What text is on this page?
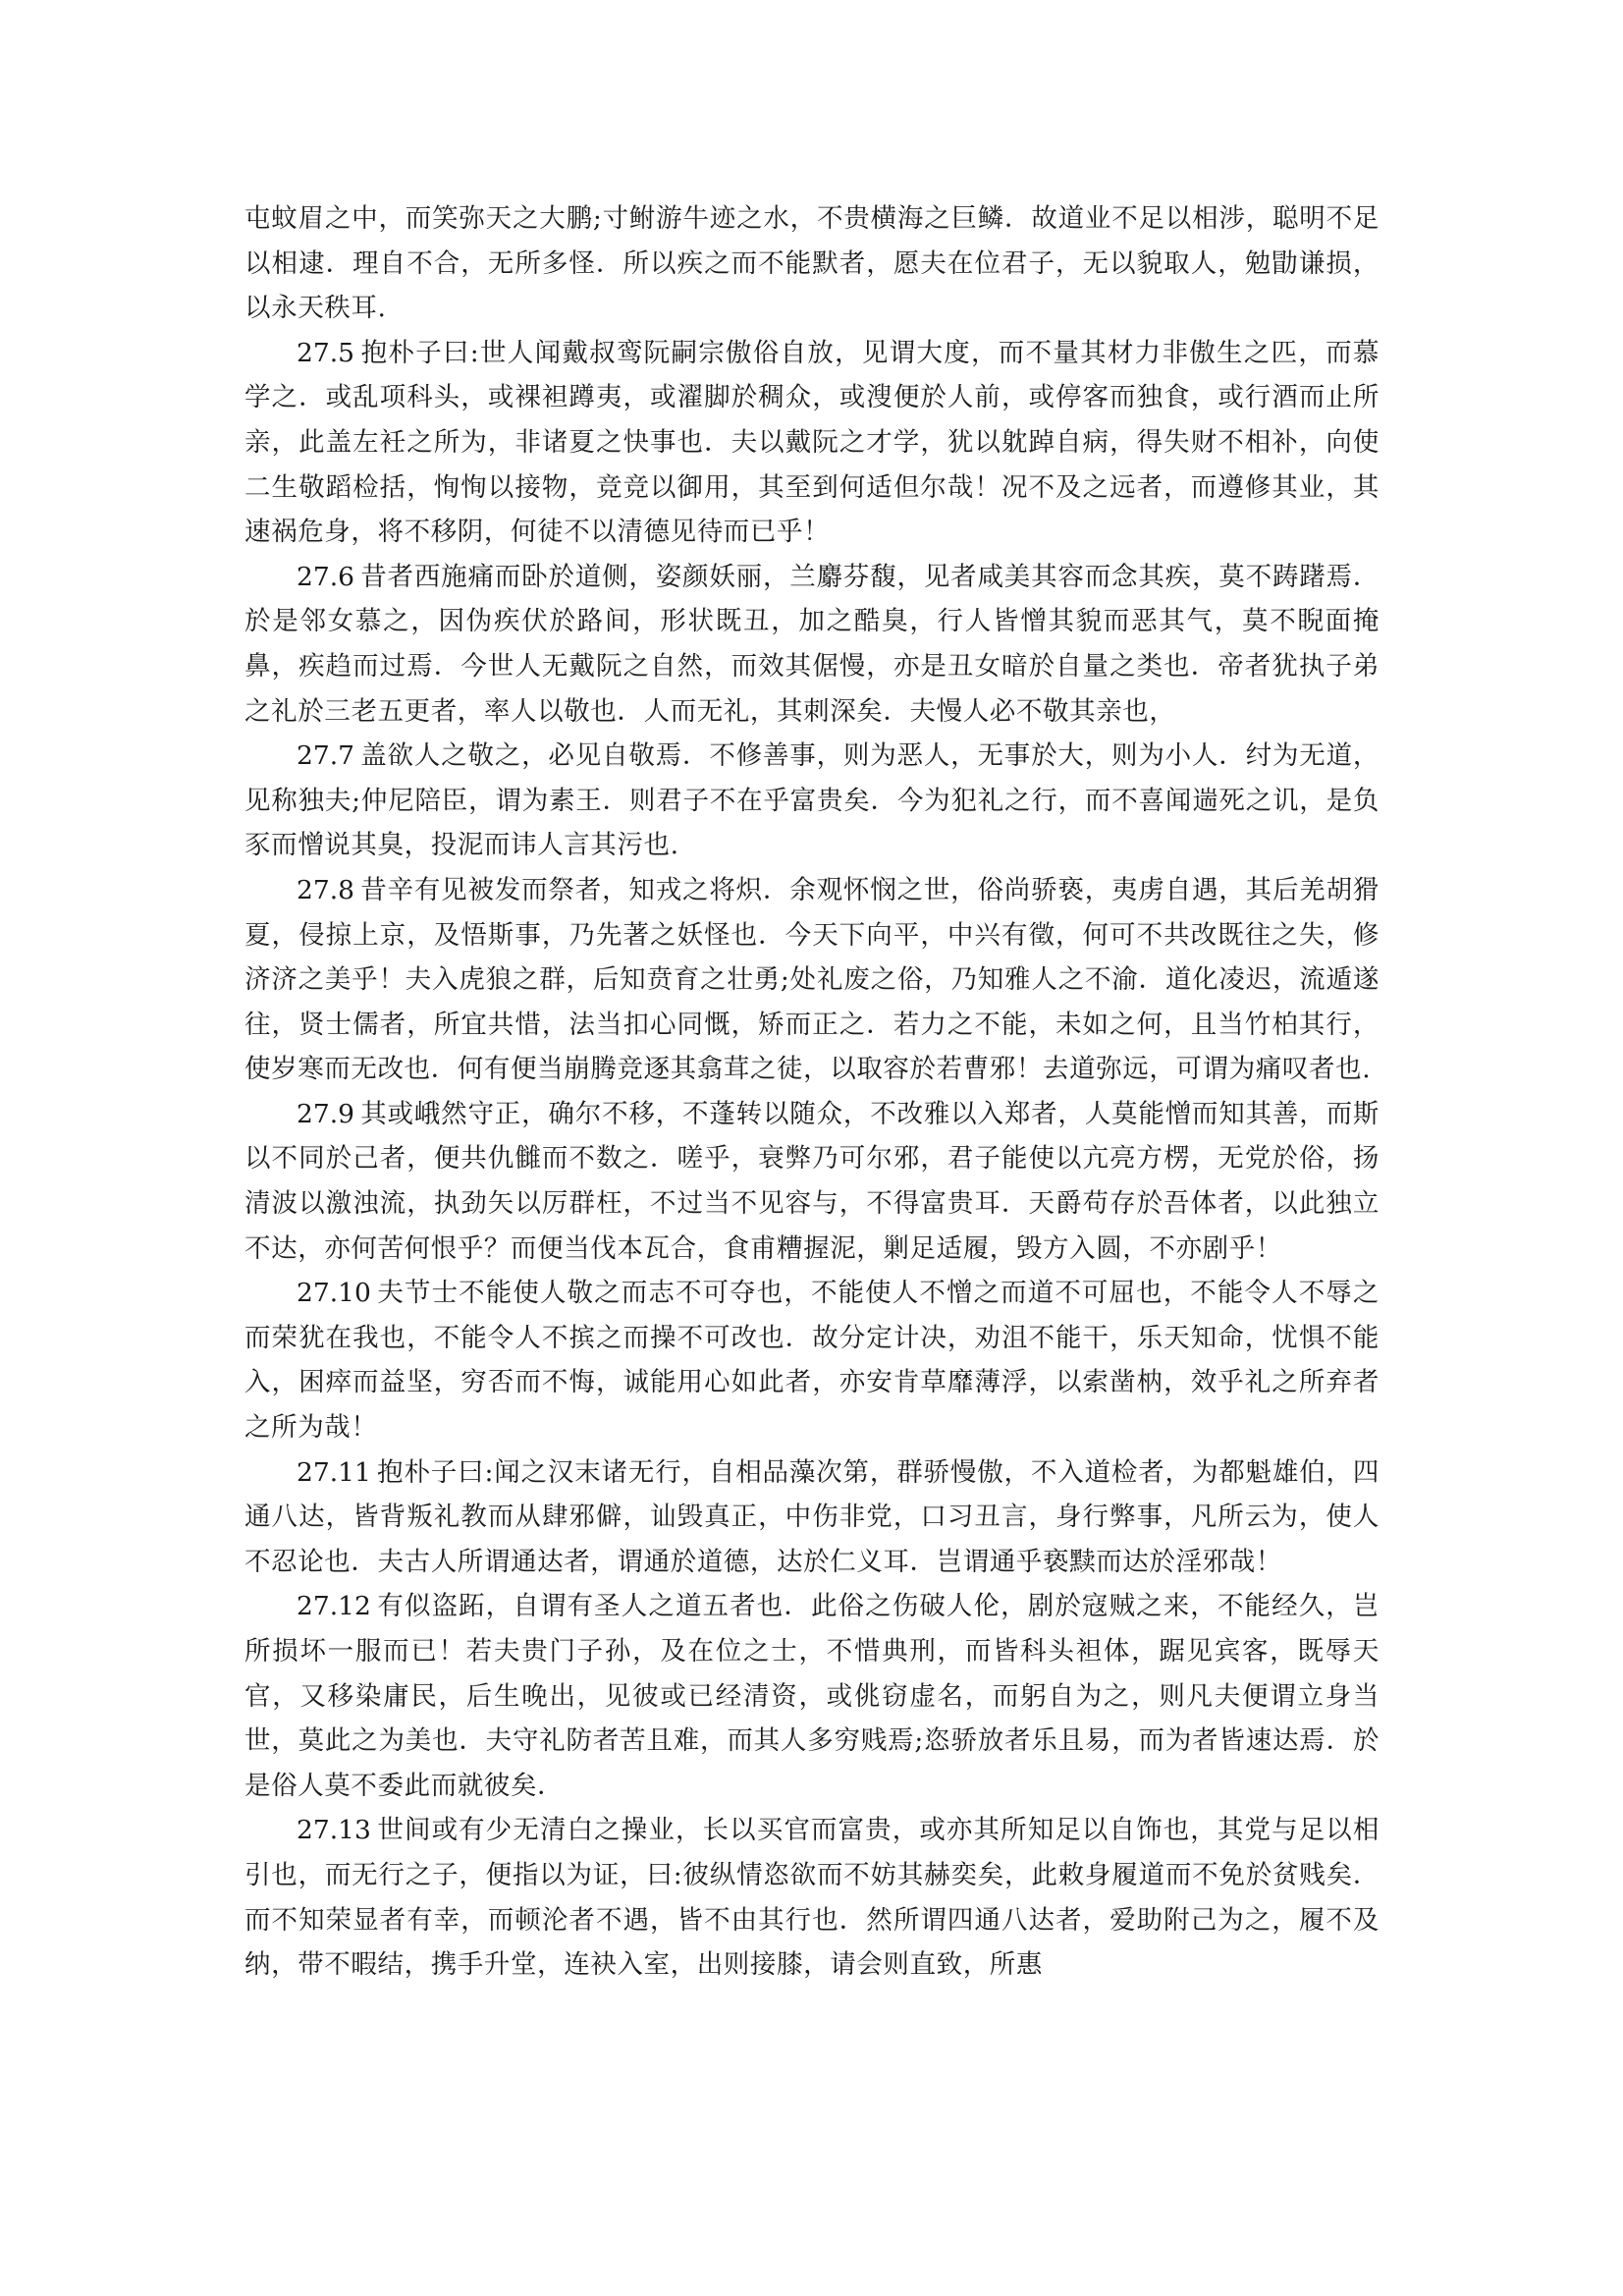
屯蚊眉之中，而笑弥天之大鹏;寸鲋游牛迹之水，不贵横海之巨鳞．故道业不足以相涉，聪明不足以相逮．理自不合，无所多怪．所以疾之而不能默者，愿夫在位君子，无以貌取人，勉勖谦损，以永天秩耳.

27.5 抱朴子曰:世人闻戴叔鸾阮嗣宗傲俗自放，见谓大度，而不量其材力非傲生之匹，而慕学之．或乱项科头，或裸袒蹲夷，或濯脚於稠众，或溲便於人前，或停客而独食，或行酒而止所亲，此盖左衽之所为，非诸夏之快事也．夫以戴阮之才学，犹以躭踔自病，得失财不相补，向使二生敬蹈检括，恂恂以接物，竞竞以御用，其至到何适但尔哉！况不及之远者，而遵修其业，其速祸危身，将不移阴，何徒不以清德见待而已乎！

27.6 昔者西施痛而卧於道侧，姿颜妖丽，兰麝芬馥，见者咸美其容而念其疾，莫不踌躇焉．於是邻女慕之，因伪疾伏於路间，形状既丑，加之酷臭，行人皆憎其貌而恶其气，莫不睨面掩鼻，疾趋而过焉．今世人无戴阮之自然，而效其倨慢，亦是丑女暗於自量之类也．帝者犹执子弟之礼於三老五更者，率人以敬也．人而无礼，其刺深矣．夫慢人必不敬其亲也，

27.7 盖欲人之敬之，必见自敬焉．不修善事，则为恶人，无事於大，则为小人．纣为无道，见称独夫;仲尼陪臣，谓为素王．则君子不在乎富贵矣．今为犯礼之行，而不喜闻遄死之讥，是负豕而憎说其臭，投泥而讳人言其污也.

27.8 昔辛有见被发而祭者，知戎之将炽．余观怀悯之世，俗尚骄亵，夷虏自遇，其后羌胡猾夏，侵掠上京，及悟斯事，乃先著之妖怪也．今天下向平，中兴有徵，何可不共改既往之失，修济济之美乎！夫入虎狼之群，后知贲育之壮勇;处礼废之俗，乃知雅人之不渝．道化凌迟，流遁遂往，贤士儒者，所宜共惜，法当扣心同慨，矫而正之．若力之不能，未如之何，且当竹柏其行，使岁寒而无改也．何有便当崩腾竞逐其翕茸之徒，以取容於若曹邪！去道弥远，可谓为痛叹者也.

27.9 其或峨然守正，确尔不移，不蓬转以随众，不改雅以入郑者，人莫能憎而知其善，而斯以不同於己者，便共仇雠而不数之．嗟乎，衰弊乃可尔邪，君子能使以亢亮方楞，无党於俗，扬清波以激浊流，执劲矢以厉群枉，不过当不见容与，不得富贵耳．天爵苟存於吾体者，以此独立不达，亦何苦何恨乎？而便当伐本瓦合，食甫糟握泥，剿足适履，毁方入圆，不亦剧乎！

27.10 夫节士不能使人敬之而志不可夺也，不能使人不憎之而道不可屈也，不能令人不辱之而荣犹在我也，不能令人不摈之而操不可改也．故分定计决，劝沮不能干，乐天知命，忧惧不能入，困瘁而益坚，穷否而不悔，诚能用心如此者，亦安肯草靡薄浮，以索凿枘，效乎礼之所弃者之所为哉！

27.11 抱朴子曰:闻之汉末诸无行，自相品藻次第，群骄慢傲，不入道检者，为都魁雄伯，四通八达，皆背叛礼教而从肆邪僻，讪毁真正，中伤非党，口习丑言，身行弊事，凡所云为，使人不忍论也．夫古人所谓通达者，谓通於道德，达於仁义耳．岂谓通乎亵黩而达於淫邪哉！

27.12 有似盗跖，自谓有圣人之道五者也．此俗之伤破人伦，剧於寇贼之来，不能经久，岂所损坏一服而已！若夫贵门子孙，及在位之士，不惜典刑，而皆科头袒体，踞见宾客，既辱天官，又移染庸民，后生晚出，见彼或已经清资，或佻窃虚名，而躬自为之，则凡夫便谓立身当世，莫此之为美也．夫守礼防者苦且难，而其人多穷贱焉;恣骄放者乐且易，而为者皆速达焉．於是俗人莫不委此而就彼矣．

27.13 世间或有少无清白之操业，长以买官而富贵，或亦其所知足以自饰也，其党与足以相引也，而无行之子，便指以为证，曰:彼纵情恣欲而不妨其赫奕矣，此敕身履道而不免於贫贱矣．而不知荣显者有幸，而顿沦者不遇，皆不由其行也．然所谓四通八达者，爱助附己为之，履不及纳，带不暇结，携手升堂，连袂入室，出则接膝，请会则直致，所惠
